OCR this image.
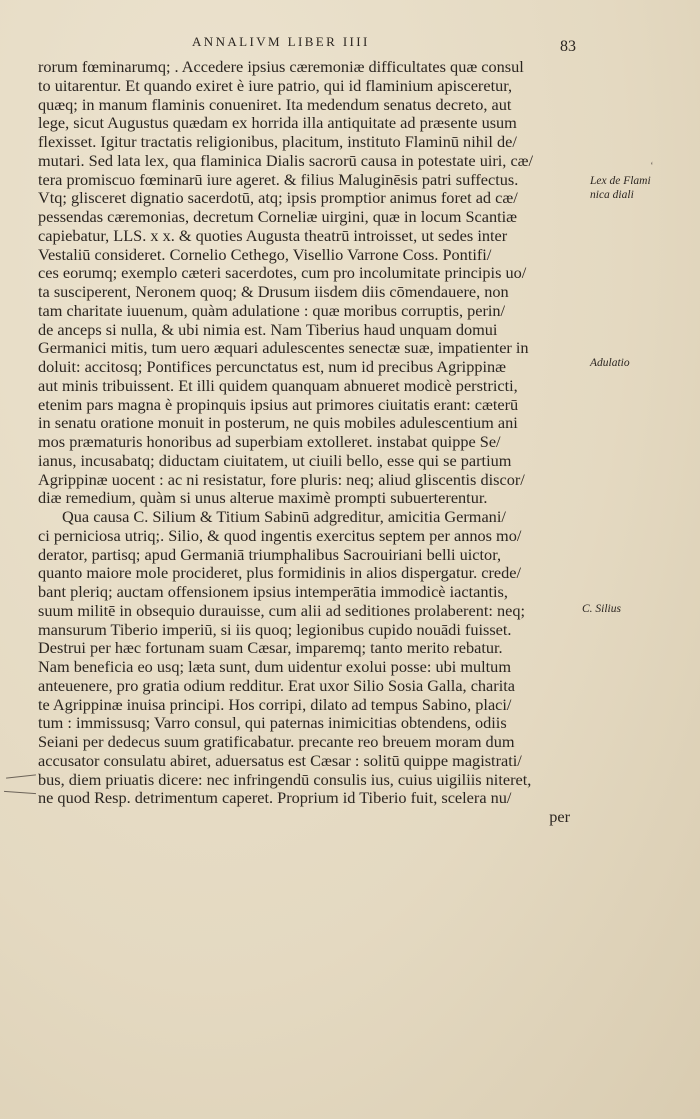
ANNALIVM LIBER IIII	83
rorum fœminarumq; . Accedere ipsius cæremoniæ difficultates quæ consul
to uitarentur. Et quando exiret è iure patrio, qui id flaminium apisceretur,
quæq; in manum flaminis conueniret. Ita medendum senatus decreto, aut
lege, sicut Augustus quædam ex horrida illa antiquitate ad præsente usum
flexisset. Igitur tractatis religionibus, placitum, instituto Flaminū nihil de/
mutari. Sed lata lex, qua flaminica Dialis sacrorū causa in potestate uiri, cæ/
tera promiscuo fœminarū iure ageret. & filius Maluginēsis patri suffectus.
Vtq; glisceret dignatio sacerdotū, atq; ipsis promptior animus foret ad cæ/
pessendas cæremonias, decretum Corneliæ uirgini, quæ in locum Scantiæ
capiebatur, LLS. x x. & quoties Augusta theatrū introisset, ut sedes inter
Vestaliū consideret. Cornelio Cethego, Visellio Varrone Coss. Pontifi/
ces eorumq; exemplo cæteri sacerdotes, cum pro incolumitate principis uo/
ta susciperent, Neronem quoq; & Drusum iisdem diis cōmendauere, non
tam charitate iuuenum, quàm adulatione : quæ moribus corruptis, perin/
de anceps si nulla, & ubi nimia est. Nam Tiberius haud unquam domui
Germanici mitis, tum uero æquari adulescentes senectæ suæ, impatienter in
doluit: accitosq; Pontifices percunctatus est, num id precibus Agrippinæ
aut minis tribuissent. Et illi quidem quanquam abnueret modicè perstricti,
etenim pars magna è propinquis ipsius aut primores ciuitatis erant: cæterū
in senatu oratione monuit in posterum, ne quis mobiles adulescentium ani
mos præmaturis honoribus ad superbiam extolleret. instabat quippe Se/
ianus, incusabatq; diductam ciuitatem, ut ciuili bello, esse qui se partium
Agrippinæ uocent : ac ni resistatur, fore pluris: neq; aliud gliscentis discor/
diæ remedium, quàm si unus alterue maximè prompti subuerterentur.
Qua causa C. Silium & Titium Sabinū adgreditur, amicitia Germani/
ci perniciosa utriq;. Silio, & quod ingentis exercitus septem per annos mo/
derator, partisq; apud Germaniā triumphalibus Sacrouiriani belli uictor,
quanto maiore mole procideret, plus formidinis in alios dispergatur. crede/
bant pleriq; auctam offensionem ipsius intemperātia immodicè iactantis,
suum militē in obsequio durauisse, cum alii ad seditiones prolaberent: neq;
mansurum Tiberio imperiū, si iis quoq; legionibus cupido nouādi fuisset.
Destrui per hæc fortunam suam Cæsar, imparemq; tanto merito rebatur.
Nam beneficia eo usq; læta sunt, dum uidentur exolui posse: ubi multum
anteuenere, pro gratia odium redditur. Erat uxor Silio Sosia Galla, charita
te Agrippinæ inuisa principi. Hos corripi, dilato ad tempus Sabino, placi/
tum : immissusq; Varro consul, qui paternas inimicitias obtendens, odiis
Seiani per dedecus suum gratificabatur. precante reo breuem moram dum
accusator consulatu abiret, aduersatus est Cæsar : solitū quippe magistrati/
bus, diem priuatis dicere: nec infringendū consulis ius, cuius uigiliis niteret,
ne quod Resp. detrimentum caperet. Proprium id Tiberio fuit, scelera nu/
per
Lex de Flami
nica diali
Adulatio
C. Silius
ʻ
